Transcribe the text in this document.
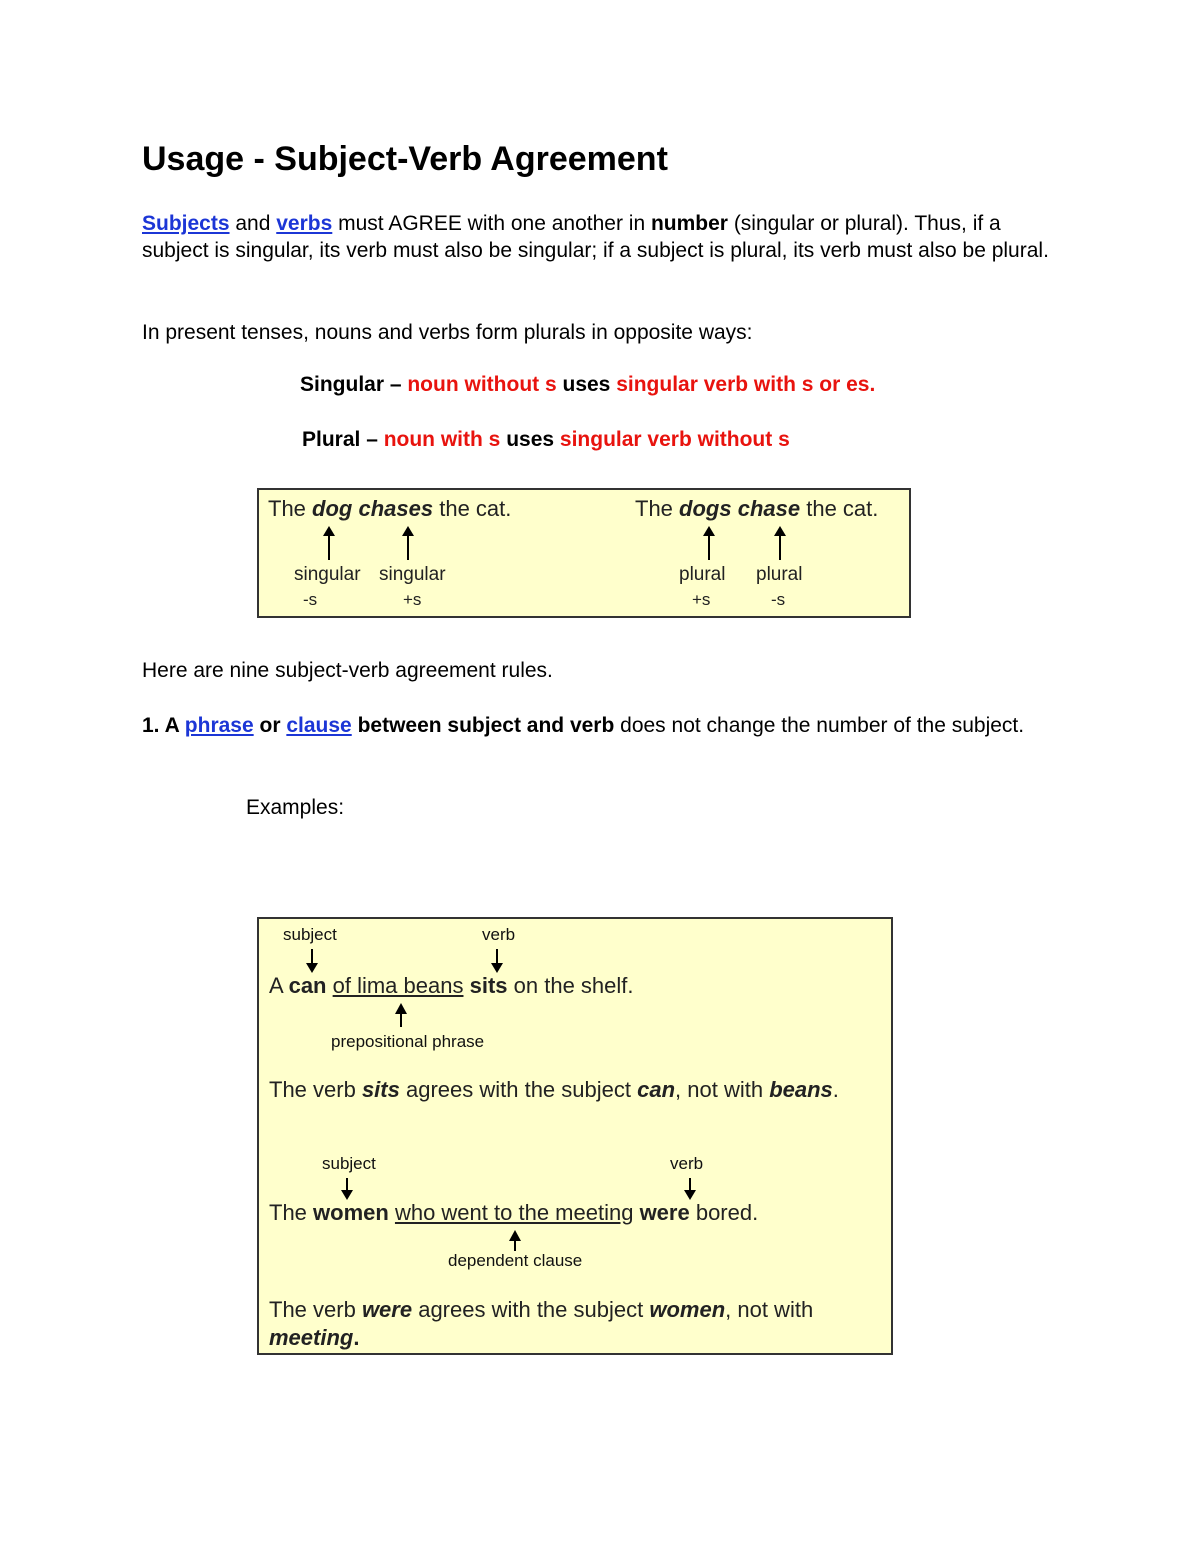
Usage - Subject-Verb Agreement
Subjects and verbs must AGREE with one another in number (singular or plural). Thus, if a subject is singular, its verb must also be singular; if a subject is plural, its verb must also be plural.
In present tenses, nouns and verbs form plurals in opposite ways:
Singular – noun without s uses singular verb with s or es.
Plural – noun with s uses singular verb without s
The dog chases the cat.
singular singular
-s	+s
The dogs chase the cat.
plural plural
+s	-s
Here are nine subject-verb agreement rules.
1. A phrase or clause between subject and verb does not change the number of the subject.
Examples:
subject	verb
A can of lima beans sits on the shelf.
prepositional phrase
The verb sits agrees with the subject can, not with beans.
subject	verb
The women who went to the meeting were bored.
dependent clause
The verb were agrees with the subject women, not with meeting.
